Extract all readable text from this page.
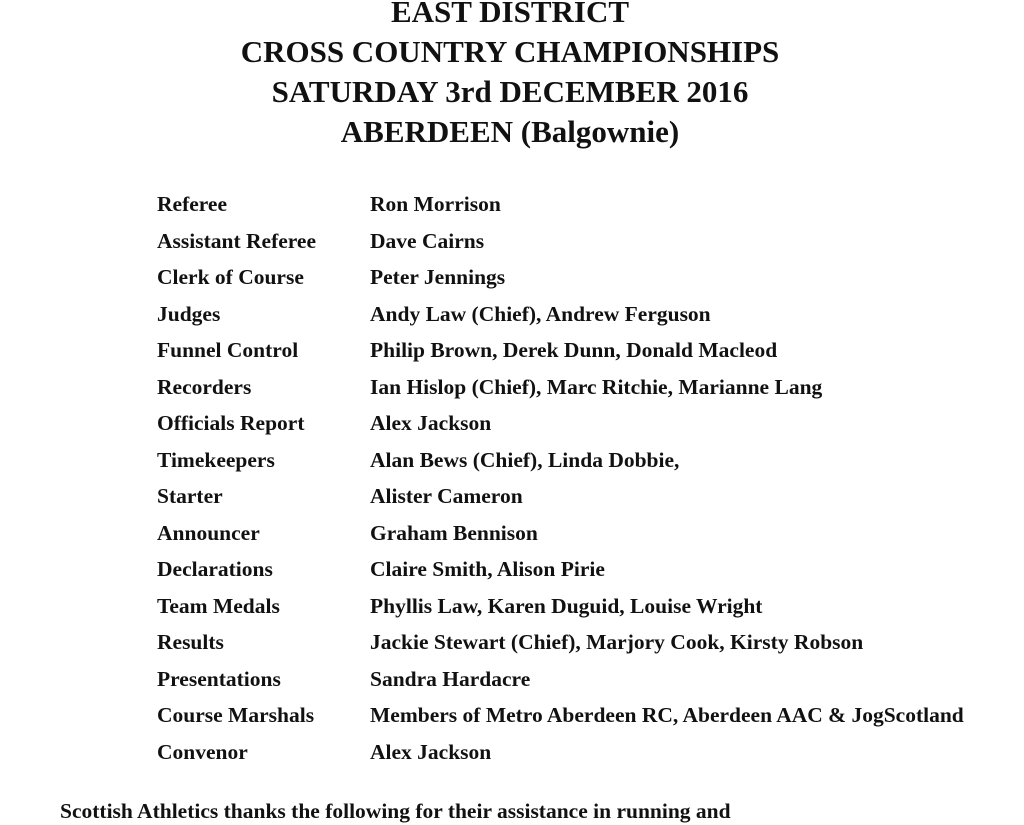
EAST DISTRICT
CROSS COUNTRY CHAMPIONSHIPS
SATURDAY 3rd DECEMBER 2016
ABERDEEN (Balgownie)
Referee	Ron Morrison
Assistant Referee	Dave Cairns
Clerk of Course	Peter Jennings
Judges	Andy Law (Chief), Andrew Ferguson
Funnel Control	Philip Brown, Derek Dunn, Donald Macleod
Recorders	Ian Hislop (Chief), Marc Ritchie, Marianne Lang
Officials Report	Alex Jackson
Timekeepers	Alan Bews (Chief), Linda Dobbie,
Starter	Alister Cameron
Announcer	Graham Bennison
Declarations	Claire Smith, Alison Pirie
Team Medals	Phyllis Law, Karen Duguid, Louise Wright
Results	Jackie Stewart (Chief), Marjory Cook, Kirsty Robson
Presentations	Sandra Hardacre
Course Marshals	Members of Metro Aberdeen RC, Aberdeen AAC & JogScotland
Convenor	Alex Jackson
Scottish Athletics thanks the following for their assistance in running and
